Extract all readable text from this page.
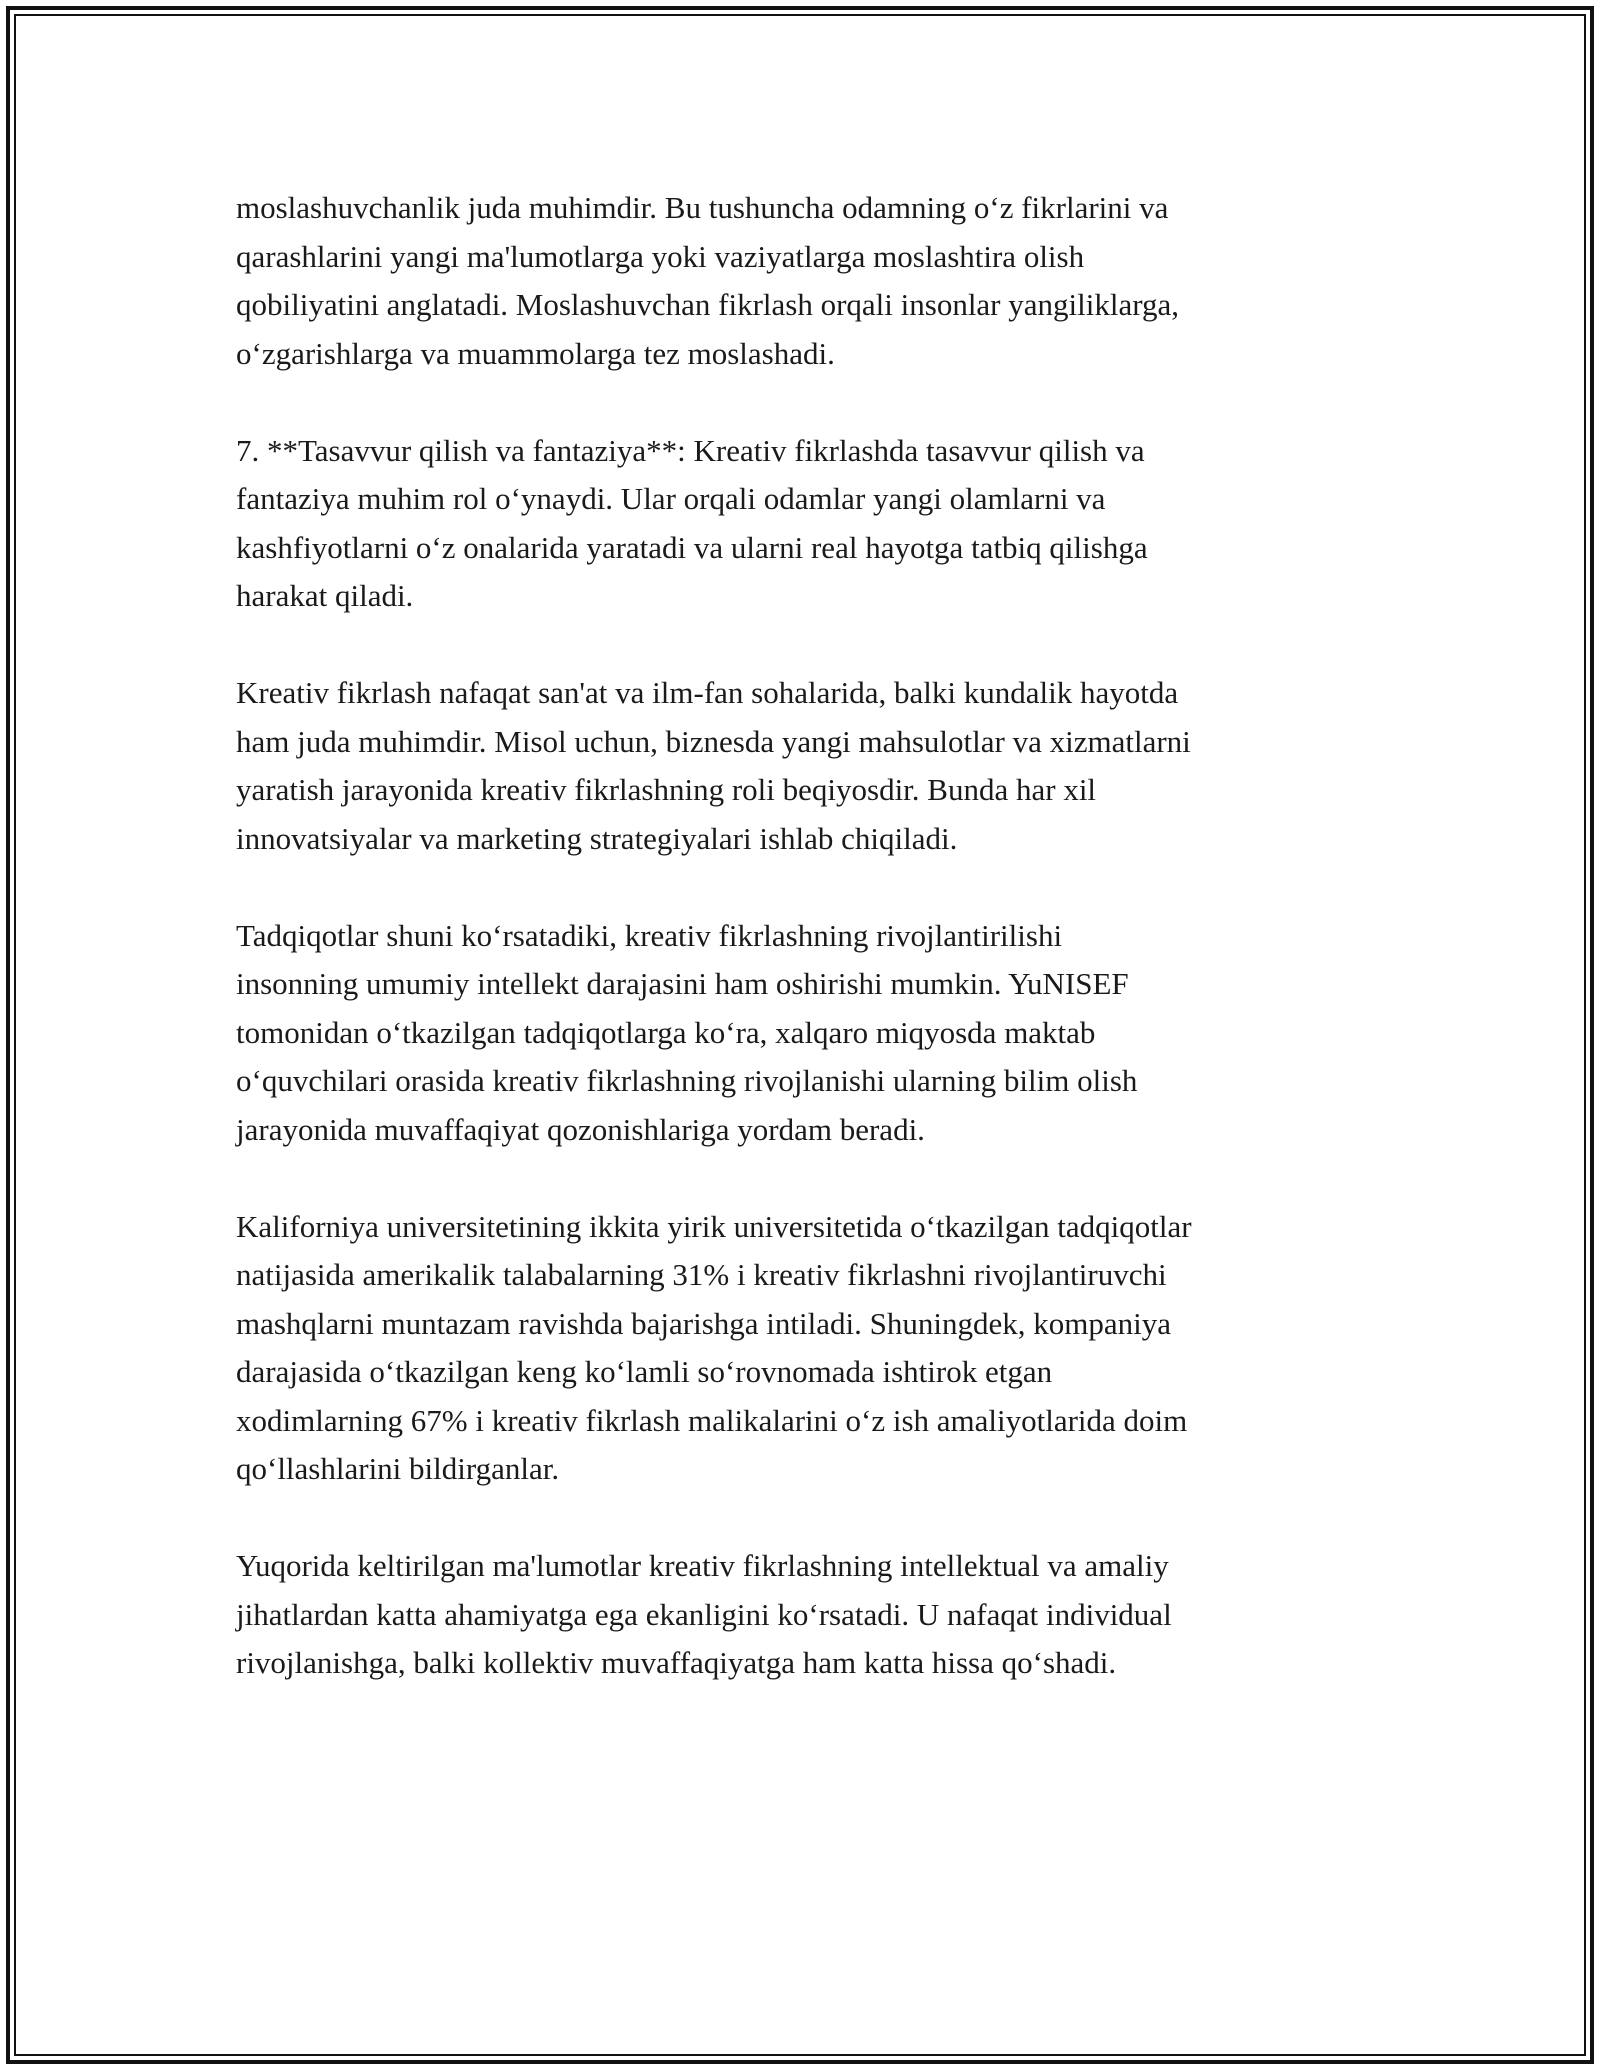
moslashuvchanlik juda muhimdir. Bu tushuncha odamning o‘z fikrlarini va
qarashlarini yangi ma'lumotlarga yoki vaziyatlarga moslashtira olish
qobiliyatini anglatadi. Moslashuvchan fikrlash orqali insonlar yangiliklarga,
o‘zgarishlarga va muammolarga tez moslashadi.

7. **Tasavvur qilish va fantaziya**: Kreativ fikrlashda tasavvur qilish va
fantaziya muhim rol o‘ynaydi. Ular orqali odamlar yangi olamlarni va
kashfiyotlarni o‘z onalarida yaratadi va ularni real hayotga tatbiq qilishga
harakat qiladi.

Kreativ fikrlash nafaqat san'at va ilm-fan sohalarida, balki kundalik hayotda
ham juda muhimdir. Misol uchun, biznesda yangi mahsulotlar va xizmatlarni
yaratish jarayonida kreativ fikrlashning roli beqiyosdir. Bunda har xil
innovatsiyalar va marketing strategiyalari ishlab chiqiladi.

Tadqiqotlar shuni ko‘rsatadiki, kreativ fikrlashning rivojlantirilishi
insonning umumiy intellekt darajasini ham oshirishi mumkin. YuNISEF
tomonidan o‘tkazilgan tadqiqotlarga ko‘ra, xalqaro miqyosda maktab
o‘quvchilari orasida kreativ fikrlashning rivojlanishi ularning bilim olish
jarayonida muvaffaqiyat qozonishlariga yordam beradi.

Kaliforniya universitetining ikkita yirik universitetida o‘tkazilgan tadqiqotlar
natijasida amerikalik talabalarning 31% i kreativ fikrlashni rivojlantiruvchi
mashqlarni muntazam ravishda bajarishga intiladi. Shuningdek, kompaniya
darajasida o‘tkazilgan keng ko‘lamli so‘rovnomada ishtirok etgan
xodimlarning 67% i kreativ fikrlash malikalarini o‘z ish amaliyotlarida doim
qo‘llashlarini bildirganlar.

Yuqorida keltirilgan ma'lumotlar kreativ fikrlashning intellektual va amaliy
jihatlardan katta ahamiyatga ega ekanligini ko‘rsatadi. U nafaqat individual
rivojlanishga, balki kollektiv muvaffaqiyatga ham katta hissa qo‘shadi.
